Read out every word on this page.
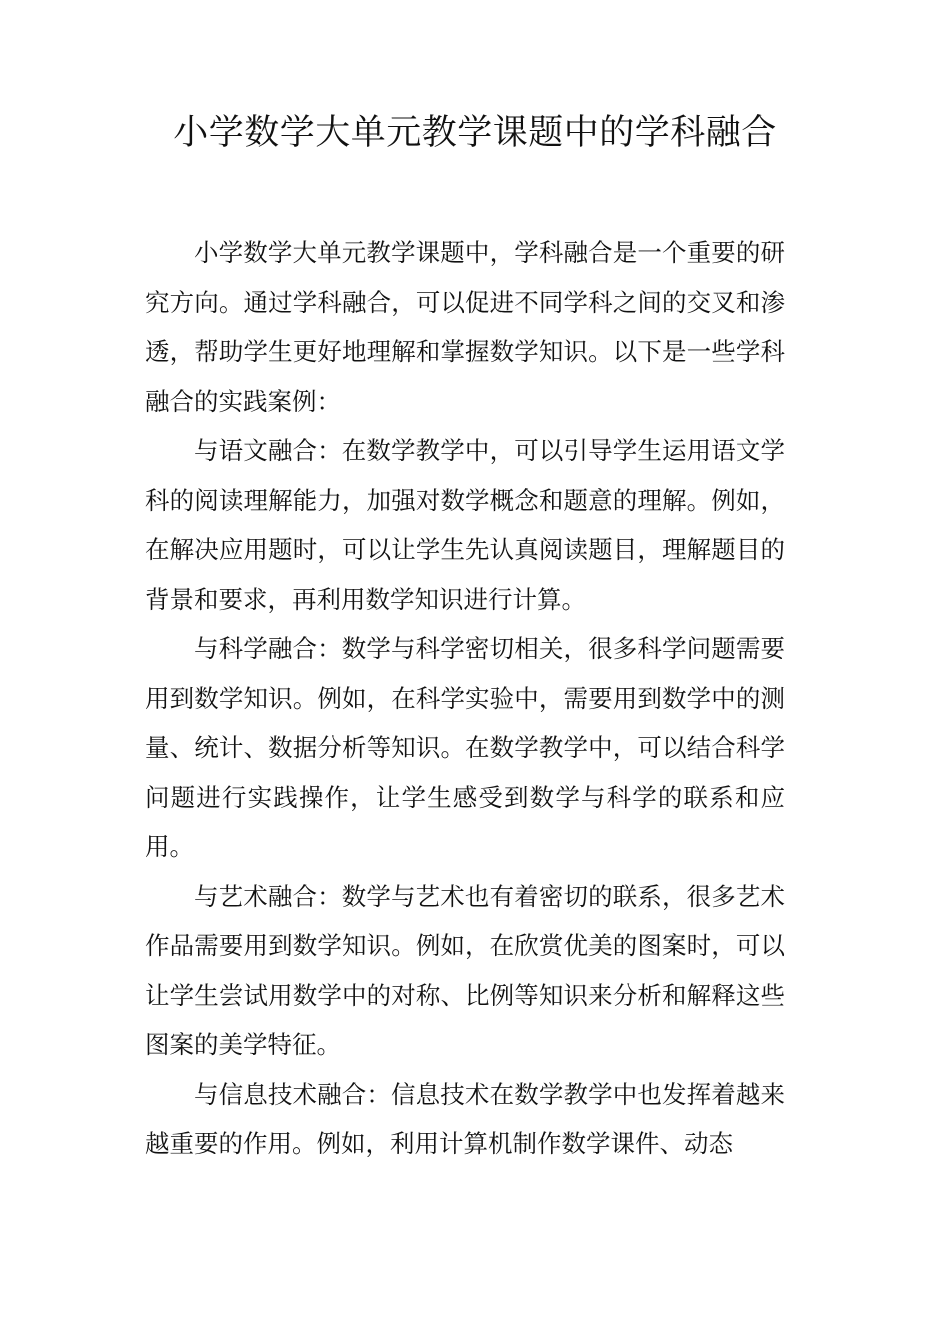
小学数学大单元教学课题中的学科融合

小学数学大单元教学课题中，学科融合是一个重要的研究方向。通过学科融合，可以促进不同学科之间的交叉和渗透，帮助学生更好地理解和掌握数学知识。以下是一些学科融合的实践案例：

与语文融合：在数学教学中，可以引导学生运用语文学科的阅读理解能力，加强对数学概念和题意的理解。例如，在解决应用题时，可以让学生先认真阅读题目，理解题目的背景和要求，再利用数学知识进行计算。

与科学融合：数学与科学密切相关，很多科学问题需要用到数学知识。例如，在科学实验中，需要用到数学中的测量、统计、数据分析等知识。在数学教学中，可以结合科学问题进行实践操作，让学生感受到数学与科学的联系和应用。

与艺术融合：数学与艺术也有着密切的联系，很多艺术作品需要用到数学知识。例如，在欣赏优美的图案时，可以让学生尝试用数学中的对称、比例等知识来分析和解释这些图案的美学特征。

与信息技术融合：信息技术在数学教学中也发挥着越来越重要的作用。例如，利用计算机制作数学课件、动态
